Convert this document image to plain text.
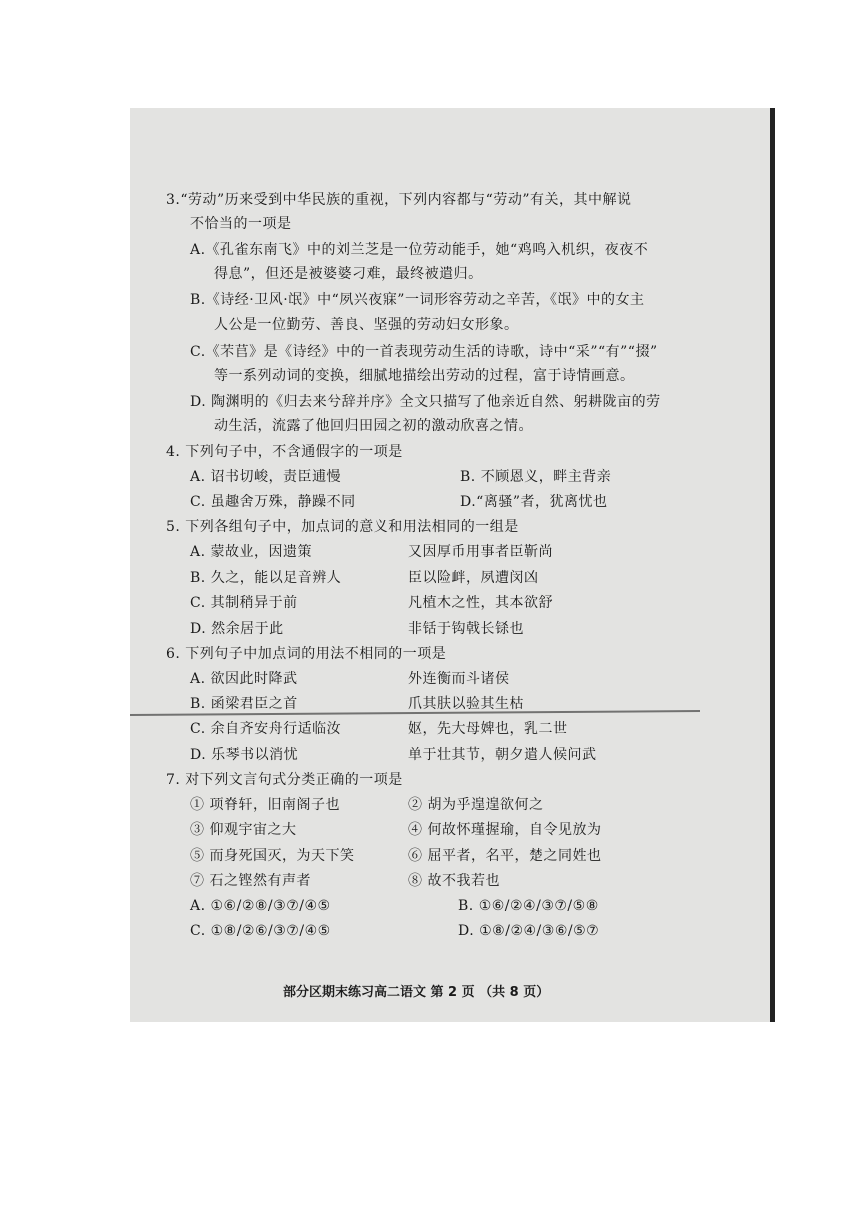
3.“劳动”历来受到中华民族的重视，下列内容都与“劳动”有关，其中解说
不恰当的一项是
A.《孔雀东南飞》中的刘兰芝是一位劳动能手，她“鸡鸣入机织，夜夜不
得息”，但还是被婆婆刁难，最终被遣归。
B.《诗经·卫风·氓》中“夙兴夜寐”一词形容劳动之辛苦，《氓》中的女主
人公是一位勤劳、善良、坚强的劳动妇女形象。
C.《芣苢》是《诗经》中的一首表现劳动生活的诗歌，诗中“采”“有”“掇”
等一系列动词的变换，细腻地描绘出劳动的过程，富于诗情画意。
D. 陶渊明的《归去来兮辞并序》全文只描写了他亲近自然、躬耕陇亩的劳
动生活，流露了他回归田园之初的激动欣喜之情。
4. 下列句子中，不含通假字的一项是
A. 诏书切峻，责臣逋慢	B. 不顾恩义，畔主背亲
C. 虽趣舍万殊，静躁不同	D.“离骚”者，犹离忧也
5. 下列各组句子中，加点词的意义和用法相同的一组是
A. 蒙故业，因遗策	又因厚币用事者臣靳尚
B. 久之，能以足音辨人	臣以险衅，夙遭闵凶
C. 其制稍异于前	凡植木之性，其本欲舒
D. 然余居于此	非铦于钩戟长铩也
6. 下列句子中加点词的用法不相同的一项是
A. 欲因此时降武	外连衡而斗诸侯
B. 函梁君臣之首	爪其肤以验其生枯
C. 余自齐安舟行适临汝	妪，先大母婢也，乳二世
D. 乐琴书以消忧	单于壮其节，朝夕遣人候问武
7. 对下列文言句式分类正确的一项是
① 项脊轩，旧南阁子也	② 胡为乎遑遑欲何之
③ 仰观宇宙之大	④ 何故怀瑾握瑜，自令见放为
⑤ 而身死国灭，为天下笑	⑥ 屈平者，名平，楚之同姓也
⑦ 石之铿然有声者	⑧ 故不我若也
A. ①⑥/②⑧/③⑦/④⑤	B. ①⑥/②④/③⑦/⑤⑧
C. ①⑧/②⑥/③⑦/④⑤	D. ①⑧/②④/③⑥/⑤⑦
部分区期末练习高二语文 第 2 页 （共 8 页）
